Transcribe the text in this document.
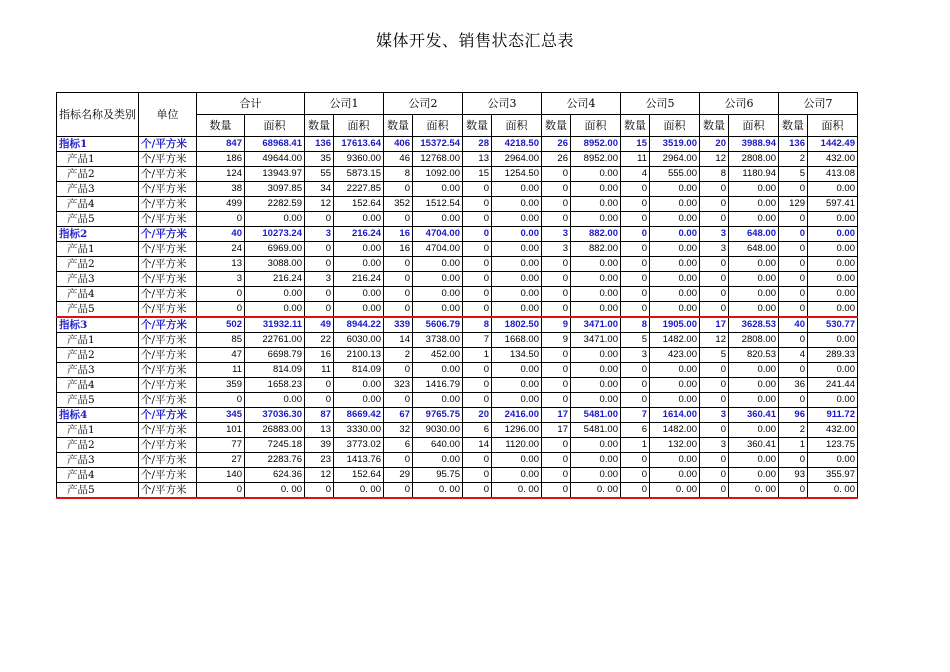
媒体开发、销售状态汇总表
指标名称及类别	单位	合计		公司1		公司2		公司3		公司4		公司5		公司6		公司7	
		数量	面积	数量	面积	数量	面积	数量	面积	数量	面积	数量	面积	数量	面积	数量	面积
指标1	个/平方米	847	68968.41	136	17613.64	406	15372.54	28	4218.50	26	8952.00	15	3519.00	20	3988.94	136	1442.49
产品1	个/平方米	186	49644.00	35	9360.00	46	12768.00	13	2964.00	26	8952.00	11	2964.00	12	2808.00	2	432.00
产品2	个/平方米	124	13943.97	55	5873.15	8	1092.00	15	1254.50	0	0.00	4	555.00	8	1180.94	5	413.08
产品3	个/平方米	38	3097.85	34	2227.85	0	0.00	0	0.00	0	0.00	0	0.00	0	0.00	0	0.00
产品4	个/平方米	499	2282.59	12	152.64	352	1512.54	0	0.00	0	0.00	0	0.00	0	0.00	129	597.41
产品5	个/平方米	0	0.00	0	0.00	0	0.00	0	0.00	0	0.00	0	0.00	0	0.00	0	0.00
指标2	个/平方米	40	10273.24	3	216.24	16	4704.00	0	0.00	3	882.00	0	0.00	3	648.00	0	0.00
产品1	个/平方米	24	6969.00	0	0.00	16	4704.00	0	0.00	3	882.00	0	0.00	3	648.00	0	0.00
产品2	个/平方米	13	3088.00	0	0.00	0	0.00	0	0.00	0	0.00	0	0.00	0	0.00	0	0.00
产品3	个/平方米	3	216.24	3	216.24	0	0.00	0	0.00	0	0.00	0	0.00	0	0.00	0	0.00
产品4	个/平方米	0	0.00	0	0.00	0	0.00	0	0.00	0	0.00	0	0.00	0	0.00	0	0.00
产品5	个/平方米	0	0.00	0	0.00	0	0.00	0	0.00	0	0.00	0	0.00	0	0.00	0	0.00
指标3	个/平方米	502	31932.11	49	8944.22	339	5606.79	8	1802.50	9	3471.00	8	1905.00	17	3628.53	40	530.77
产品1	个/平方米	85	22761.00	22	6030.00	14	3738.00	7	1668.00	9	3471.00	5	1482.00	12	2808.00	0	0.00
产品2	个/平方米	47	6698.79	16	2100.13	2	452.00	1	134.50	0	0.00	3	423.00	5	820.53	4	289.33
产品3	个/平方米	11	814.09	11	814.09	0	0.00	0	0.00	0	0.00	0	0.00	0	0.00	0	0.00
产品4	个/平方米	359	1658.23	0	0.00	323	1416.79	0	0.00	0	0.00	0	0.00	0	0.00	36	241.44
产品5	个/平方米	0	0.00	0	0.00	0	0.00	0	0.00	0	0.00	0	0.00	0	0.00	0	0.00
指标4	个/平方米	345	37036.30	87	8669.42	67	9765.75	20	2416.00	17	5481.00	7	1614.00	3	360.41	96	911.72
产品1	个/平方米	101	26883.00	13	3330.00	32	9030.00	6	1296.00	17	5481.00	6	1482.00	0	0.00	2	432.00
产品2	个/平方米	77	7245.18	39	3773.02	6	640.00	14	1120.00	0	0.00	1	132.00	3	360.41	1	123.75
产品3	个/平方米	27	2283.76	23	1413.76	0	0.00	0	0.00	0	0.00	0	0.00	0	0.00	0	0.00
产品4	个/平方米	140	624.36	12	152.64	29	95.75	0	0.00	0	0.00	0	0.00	0	0.00	93	355.97
产品5	个/平方米	0	0. 00	0	0. 00	0	0. 00	0	0. 00	0	0. 00	0	0. 00	0	0. 00	0	0. 00
